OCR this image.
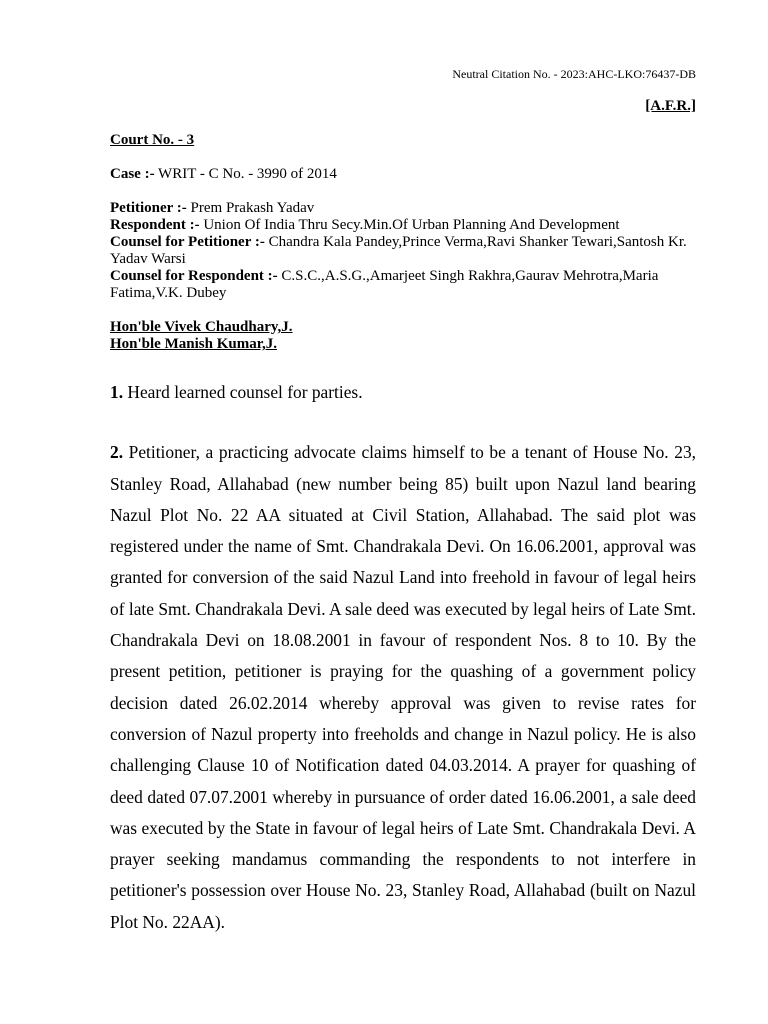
Neutral Citation No. - 2023:AHC-LKO:76437-DB
[A.F.R.]
Court No. - 3
Case :- WRIT - C No. - 3990 of 2014
Petitioner :- Prem Prakash Yadav
Respondent :- Union Of India Thru Secy.Min.Of Urban Planning And Development
Counsel for Petitioner :- Chandra Kala Pandey,Prince Verma,Ravi Shanker Tewari,Santosh Kr. Yadav Warsi
Counsel for Respondent :- C.S.C.,A.S.G.,Amarjeet Singh Rakhra,Gaurav Mehrotra,Maria Fatima,V.K. Dubey
Hon'ble Vivek Chaudhary,J.
Hon'ble Manish Kumar,J.

1. Heard learned counsel for parties.

2. Petitioner, a practicing advocate claims himself to be a tenant of House No. 23, Stanley Road, Allahabad (new number being 85) built upon Nazul land bearing Nazul Plot No. 22 AA situated at Civil Station, Allahabad. The said plot was registered under the name of Smt. Chandrakala Devi. On 16.06.2001, approval was granted for conversion of the said Nazul Land into freehold in favour of legal heirs of late Smt. Chandrakala Devi. A sale deed was executed by legal heirs of Late Smt. Chandrakala Devi on 18.08.2001 in favour of respondent Nos. 8 to 10. By the present petition, petitioner is praying for the quashing of a government policy decision dated 26.02.2014 whereby approval was given to revise rates for conversion of Nazul property into freeholds and change in Nazul policy. He is also challenging Clause 10 of Notification dated 04.03.2014. A prayer for quashing of deed dated 07.07.2001 whereby in pursuance of order dated 16.06.2001, a sale deed was executed by the State in favour of legal heirs of Late Smt. Chandrakala Devi. A prayer seeking mandamus commanding the respondents to not interfere in petitioner's possession over House No. 23, Stanley Road, Allahabad (built on Nazul Plot No. 22AA).
